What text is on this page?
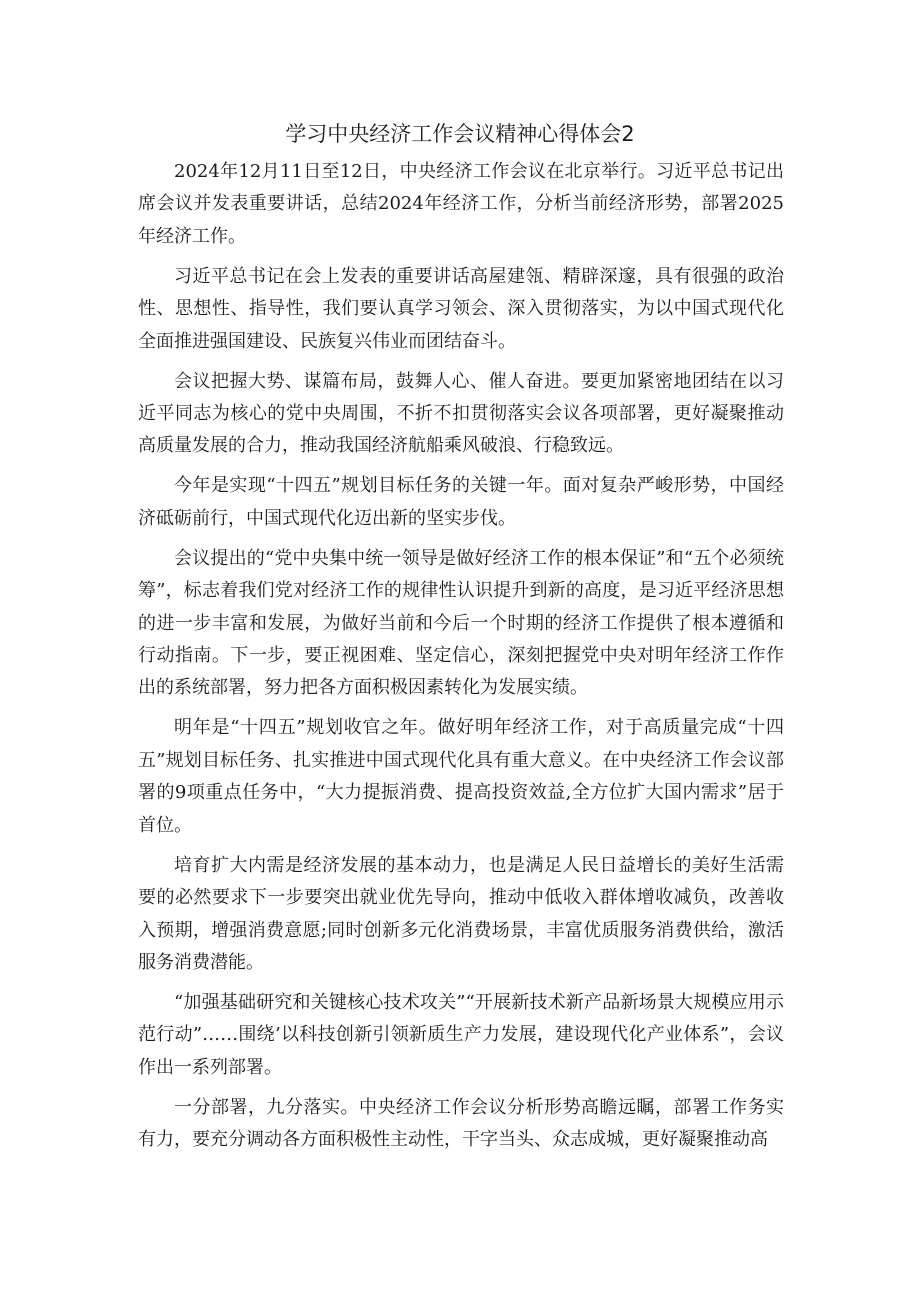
学习中央经济工作会议精神心得体会2

2024年12月11日至12日，中央经济工作会议在北京举行。习近平总书记出席会议并发表重要讲话，总结2024年经济工作，分析当前经济形势，部署2025年经济工作。

习近平总书记在会上发表的重要讲话高屋建瓴、精辟深邃，具有很强的政治性、思想性、指导性，我们要认真学习领会、深入贯彻落实，为以中国式现代化全面推进强国建设、民族复兴伟业而团结奋斗。

会议把握大势、谋篇布局，鼓舞人心、催人奋进。要更加紧密地团结在以习近平同志为核心的党中央周围，不折不扣贯彻落实会议各项部署，更好凝聚推动高质量发展的合力，推动我国经济航船乘风破浪、行稳致远。

今年是实现“十四五”规划目标任务的关键一年。面对复杂严峻形势，中国经济砥砺前行，中国式现代化迈出新的坚实步伐。

会议提出的“党中央集中统一领导是做好经济工作的根本保证”和“五个必须统筹”，标志着我们党对经济工作的规律性认识提升到新的高度，是习近平经济思想的进一步丰富和发展，为做好当前和今后一个时期的经济工作提供了根本遵循和行动指南。下一步，要正视困难、坚定信心，深刻把握党中央对明年经济工作作出的系统部署，努力把各方面积极因素转化为发展实绩。

明年是“十四五”规划收官之年。做好明年经济工作，对于高质量完成“十四五”规划目标任务、扎实推进中国式现代化具有重大意义。在中央经济工作会议部署的9项重点任务中，“大力提振消费、提高投资效益,全方位扩大国内需求”居于首位。

培育扩大内需是经济发展的基本动力，也是满足人民日益增长的美好生活需要的必然要求下一步要突出就业优先导向，推动中低收入群体增收减负，改善收入预期，增强消费意愿;同时创新多元化消费场景，丰富优质服务消费供给，激活服务消费潜能。

“加强基础研究和关键核心技术攻关”“开展新技术新产品新场景大规模应用示范行动”……围绕’以科技创新引领新质生产力发展，建设现代化产业体系”，会议作出一系列部署。

一分部署，九分落实。中央经济工作会议分析形势高瞻远瞩，部署工作务实有力，要充分调动各方面积极性主动性，干字当头、众志成城，更好凝聚推动高
